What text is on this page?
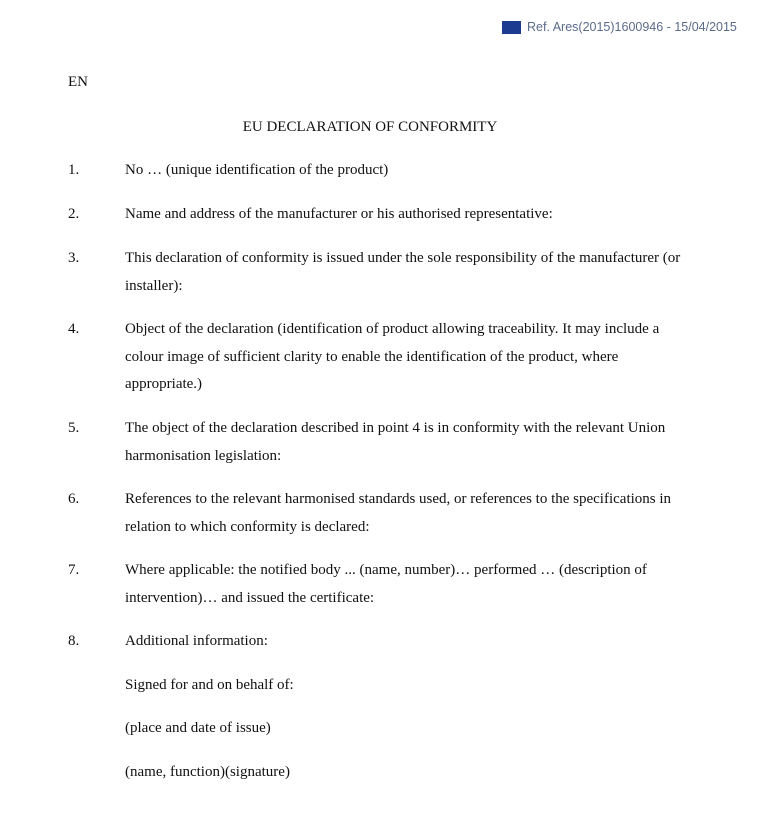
Ref. Ares(2015)1600946 - 15/04/2015
EN
EU DECLARATION OF CONFORMITY
1.	No … (unique identification of the product)
2.	Name and address of the manufacturer or his authorised representative:
3.	This declaration of conformity is issued under the sole responsibility of the manufacturer (or installer):
4.	Object of the declaration (identification of product allowing traceability. It may include a colour image of sufficient clarity to enable the identification of the product, where appropriate.)
5.	The object of the declaration described in point 4 is in conformity with the relevant Union harmonisation legislation:
6.	References to the relevant harmonised standards used, or references to the specifications in relation to which conformity is declared:
7.	Where applicable: the notified body ... (name, number)… performed … (description of intervention)… and issued the certificate:
8.	Additional information:
Signed for and on behalf of:
(place and date of issue)
(name, function)(signature)
